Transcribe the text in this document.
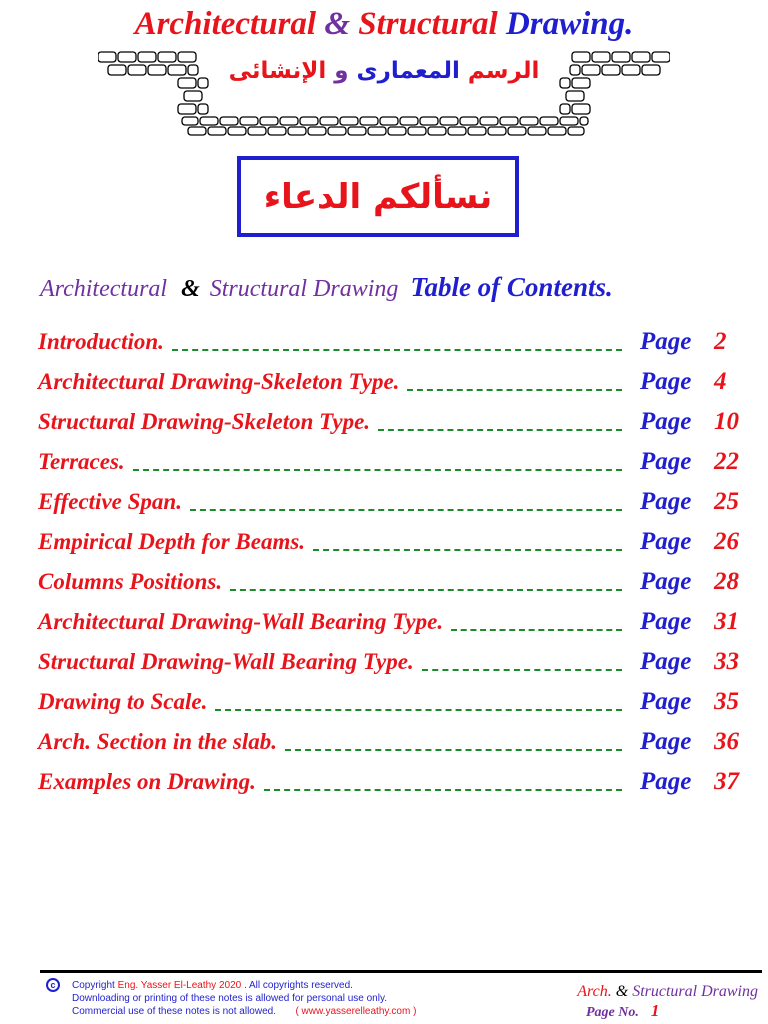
Architectural & Structural Drawing.
الرسم المعمارى و الإنشائى
نسألكم الدعاء
Architectural & Structural Drawing Table of Contents.
Introduction.	Page 2
Architectural Drawing-Skeleton Type.	Page 4
Structural Drawing-Skeleton Type.	Page 10
Terraces.	Page 22
Effective Span.	Page 25
Empirical Depth for Beams.	Page 26
Columns Positions.	Page 28
Architectural Drawing-Wall Bearing Type.	Page 31
Structural Drawing-Wall Bearing Type.	Page 33
Drawing to Scale.	Page 35
Arch. Section in the slab.	Page 36
Examples on Drawing.	Page 37
c	Copyright Eng. Yasser El-Leathy 2020 . All copyrights reserved.
Downloading or printing of these notes is allowed for personal use only.
Commercial use of these notes is not allowed. ( www.yasserelleathy.com )
Arch. & Structural Drawing
Page No. 1
